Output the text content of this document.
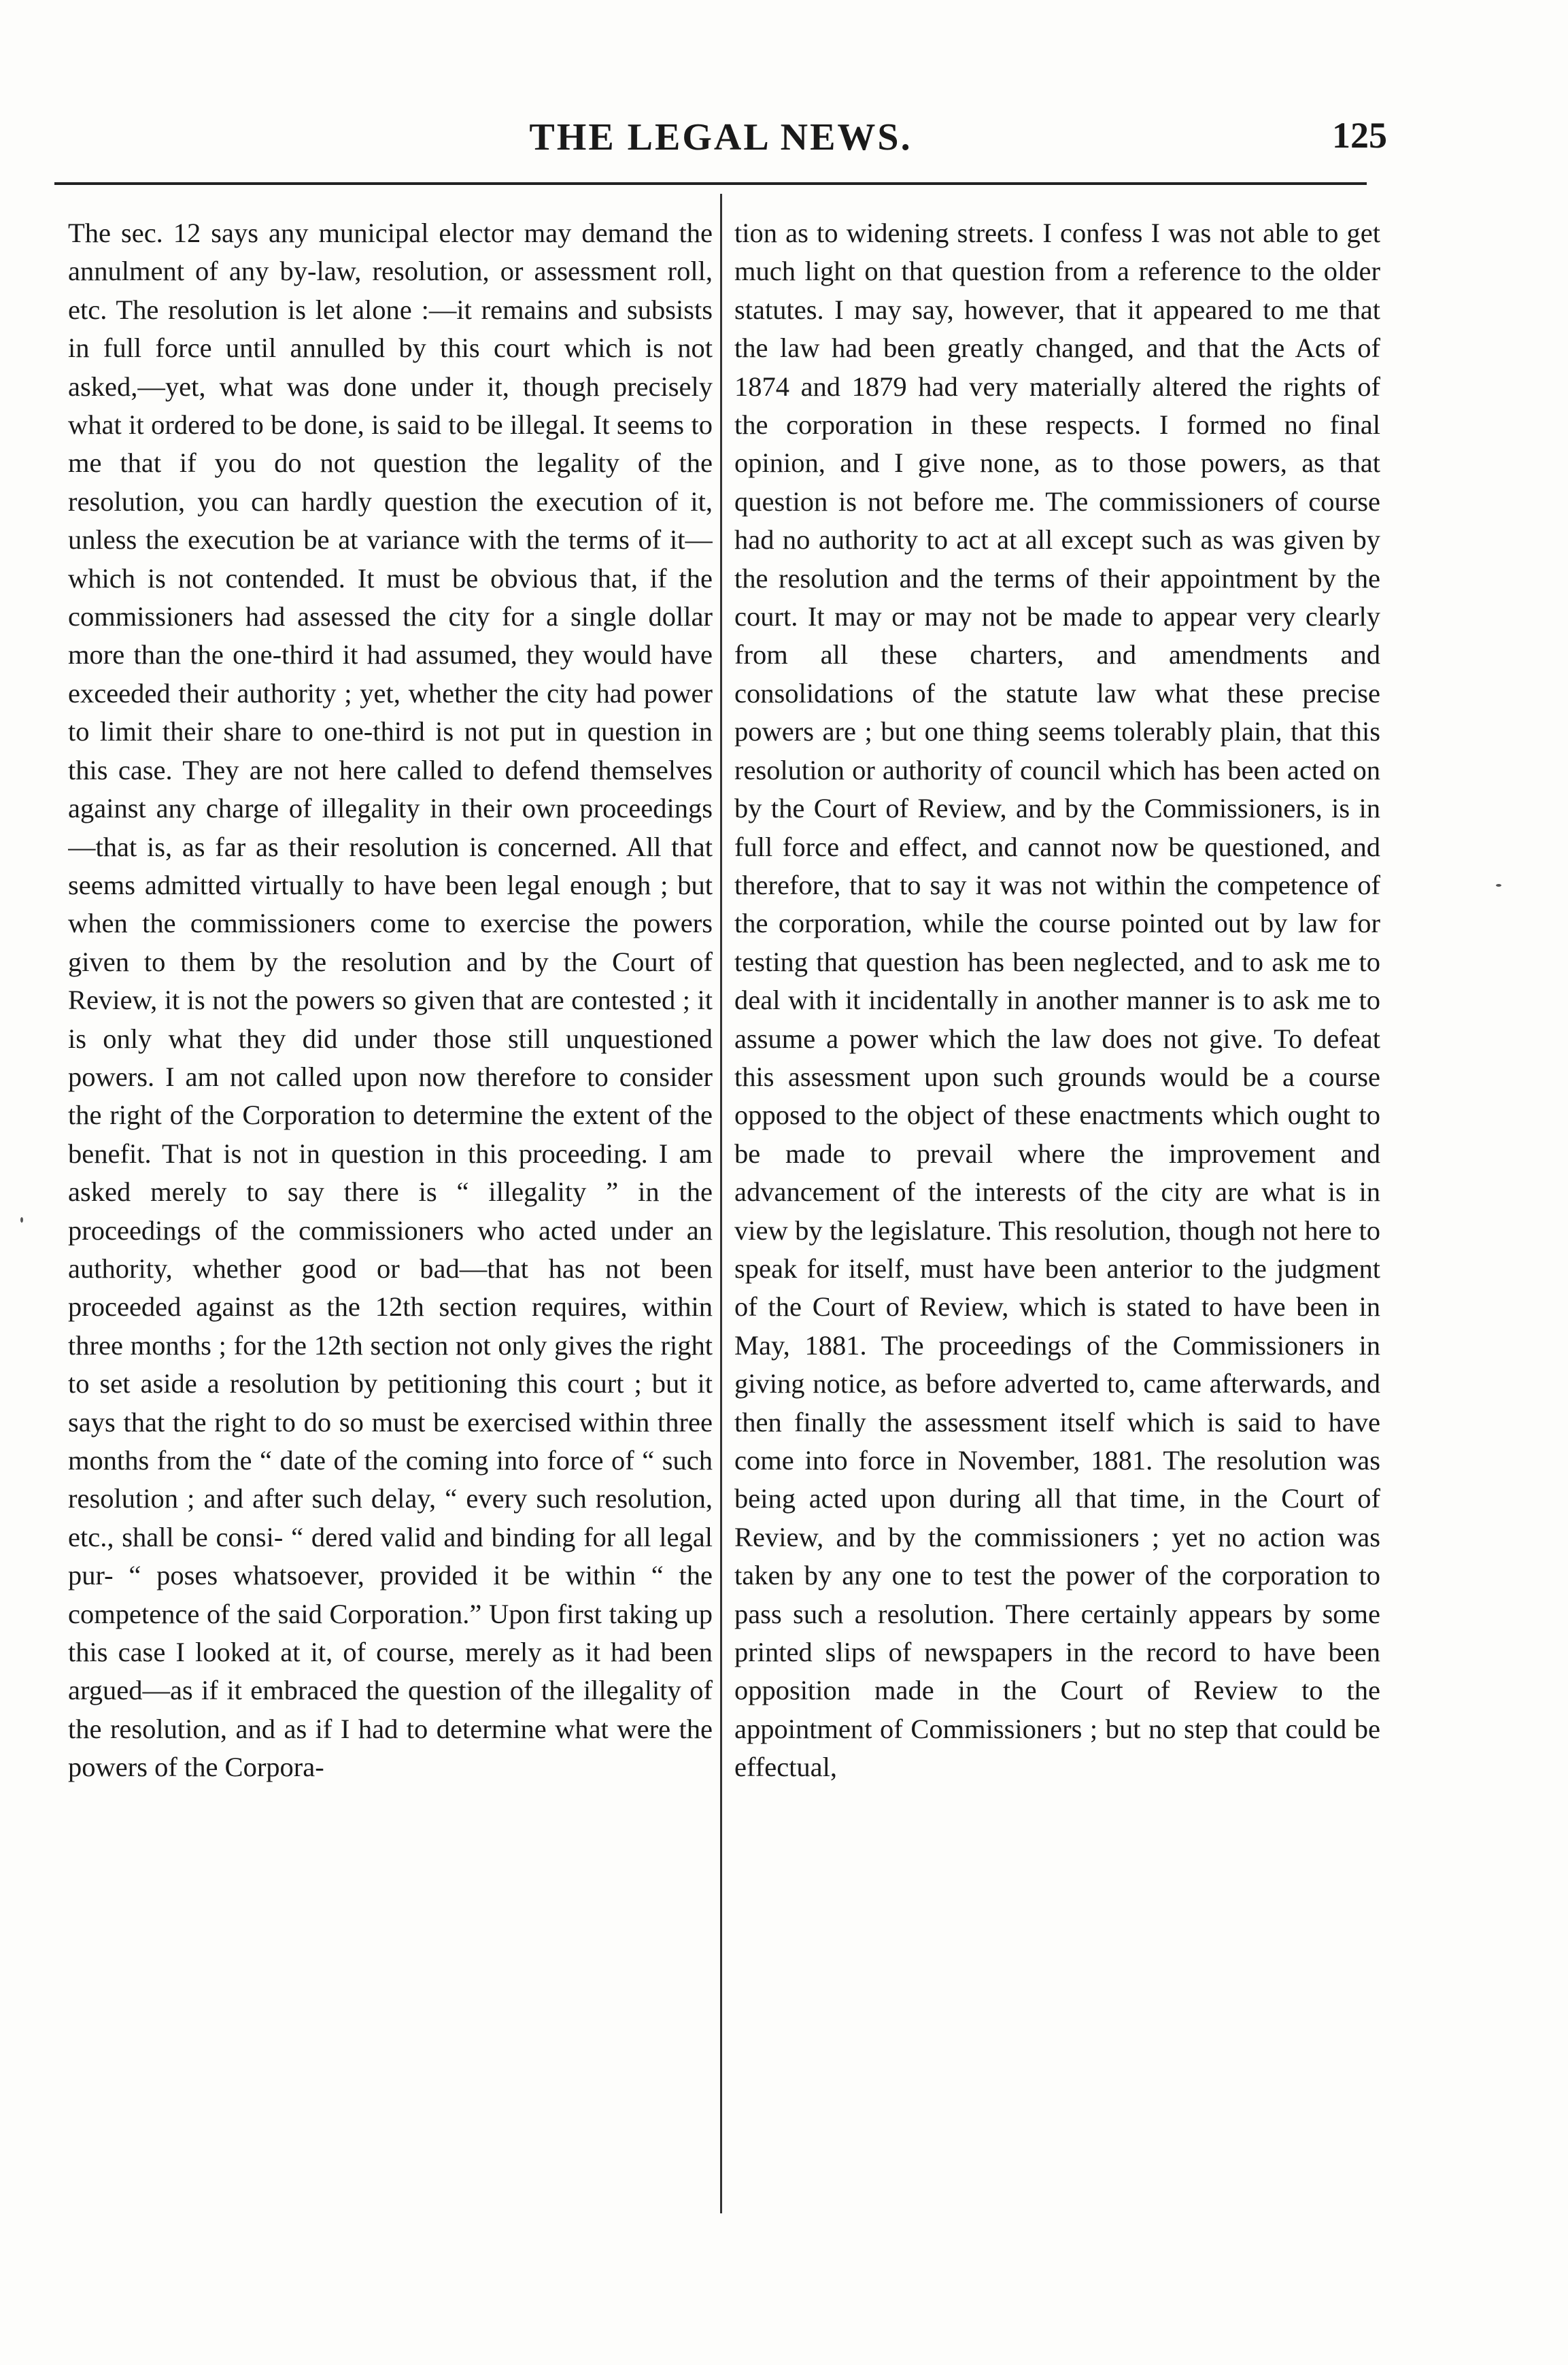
THE LEGAL NEWS.	125

The sec. 12 says any municipal elector may demand the annulment of any by-law, resolution, or assessment roll, etc. The resolution is let alone :—it remains and subsists in full force until annulled by this court which is not asked,—yet, what was done under it, though precisely what it ordered to be done, is said to be illegal. It seems to me that if you do not question the legality of the resolution, you can hardly question the execution of it, unless the execution be at variance with the terms of it—which is not contended. It must be obvious that, if the commissioners had assessed the city for a single dollar more than the one-third it had assumed, they would have exceeded their authority ; yet, whether the city had power to limit their share to one-third is not put in question in this case. They are not here called to defend themselves against any charge of illegality in their own proceedings—that is, as far as their resolution is concerned. All that seems admitted virtually to have been legal enough ; but when the commissioners come to exercise the powers given to them by the resolution and by the Court of Review, it is not the powers so given that are contested ; it is only what they did under those still unquestioned powers. I am not called upon now therefore to consider the right of the Corporation to determine the extent of the benefit. That is not in question in this proceeding. I am asked merely to say there is “ illegality ” in the proceedings of the commissioners who acted under an authority, whether good or bad—that has not been proceeded against as the 12th section requires, within three months ; for the 12th section not only gives the right to set aside a resolution by petitioning this court ; but it says that the right to do so must be exercised within three months from the “ date of the coming into force of “ such resolution ; and after such delay, “ every such resolution, etc., shall be consi- “ dered valid and binding for all legal pur- “ poses whatsoever, provided it be within “ the competence of the said Corporation.” Upon first taking up this case I looked at it, of course, merely as it had been argued—as if it embraced the question of the illegality of the resolution, and as if I had to determine what were the powers of the Corpora-

tion as to widening streets. I confess I was not able to get much light on that question from a reference to the older statutes. I may say, however, that it appeared to me that the law had been greatly changed, and that the Acts of 1874 and 1879 had very materially altered the rights of the corporation in these respects. I formed no final opinion, and I give none, as to those powers, as that question is not before me. The commissioners of course had no authority to act at all except such as was given by the resolution and the terms of their appointment by the court. It may or may not be made to appear very clearly from all these charters, and amendments and consolidations of the statute law what these precise powers are ; but one thing seems tolerably plain, that this resolution or authority of council which has been acted on by the Court of Review, and by the Commissioners, is in full force and effect, and cannot now be questioned, and therefore, that to say it was not within the competence of the corporation, while the course pointed out by law for testing that question has been neglected, and to ask me to deal with it incidentally in another manner is to ask me to assume a power which the law does not give. To defeat this assessment upon such grounds would be a course opposed to the object of these enactments which ought to be made to prevail where the improvement and advancement of the interests of the city are what is in view by the legislature. This resolution, though not here to speak for itself, must have been anterior to the judgment of the Court of Review, which is stated to have been in May, 1881. The proceedings of the Commissioners in giving notice, as before adverted to, came afterwards, and then finally the assessment itself which is said to have come into force in November, 1881. The resolution was being acted upon during all that time, in the Court of Review, and by the commissioners ; yet no action was taken by any one to test the power of the corporation to pass such a resolution. There certainly appears by some printed slips of newspapers in the record to have been opposition made in the Court of Review to the appointment of Commissioners ; but no step that could be effectual,
